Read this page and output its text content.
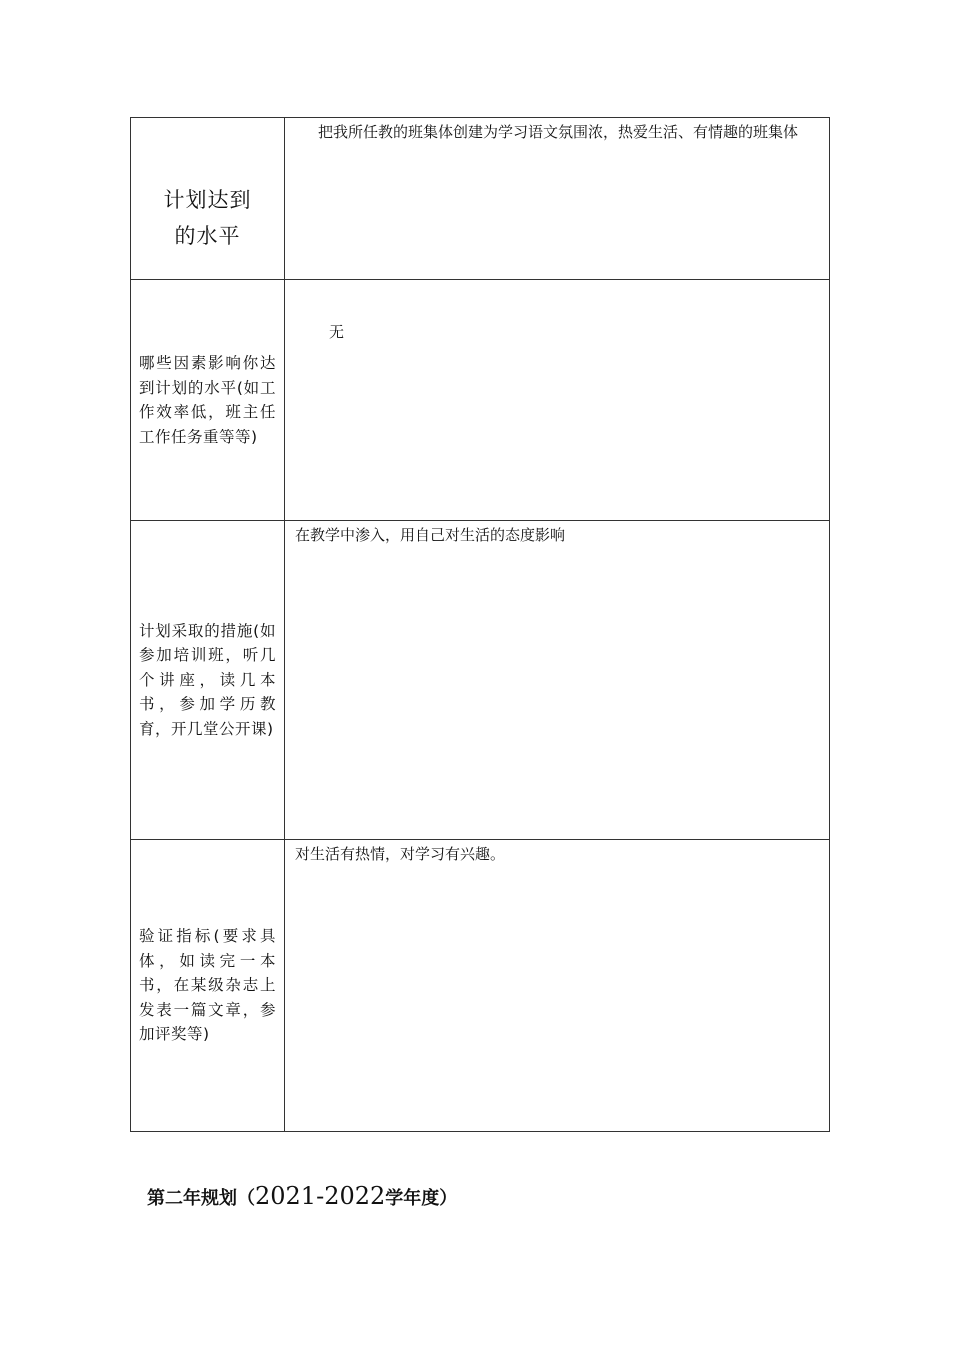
计划达到的水平	把我所任教的班集体创建为学习语文氛围浓，热爱生活、有情趣的班集体

哪些因素影响你达到计划的水平(如工作效率低，班主任工作任务重等等)	无

计划采取的措施(如参加培训班，听几个讲座，读几本书，参加学历教育，开几堂公开课)	在教学中渗入，用自己对生活的态度影响

验证指标(要求具体，如读完一本书，在某级杂志上发表一篇文章，参加评奖等)	对生活有热情，对学习有兴趣。
第二年规划（2021-2022学年度）
